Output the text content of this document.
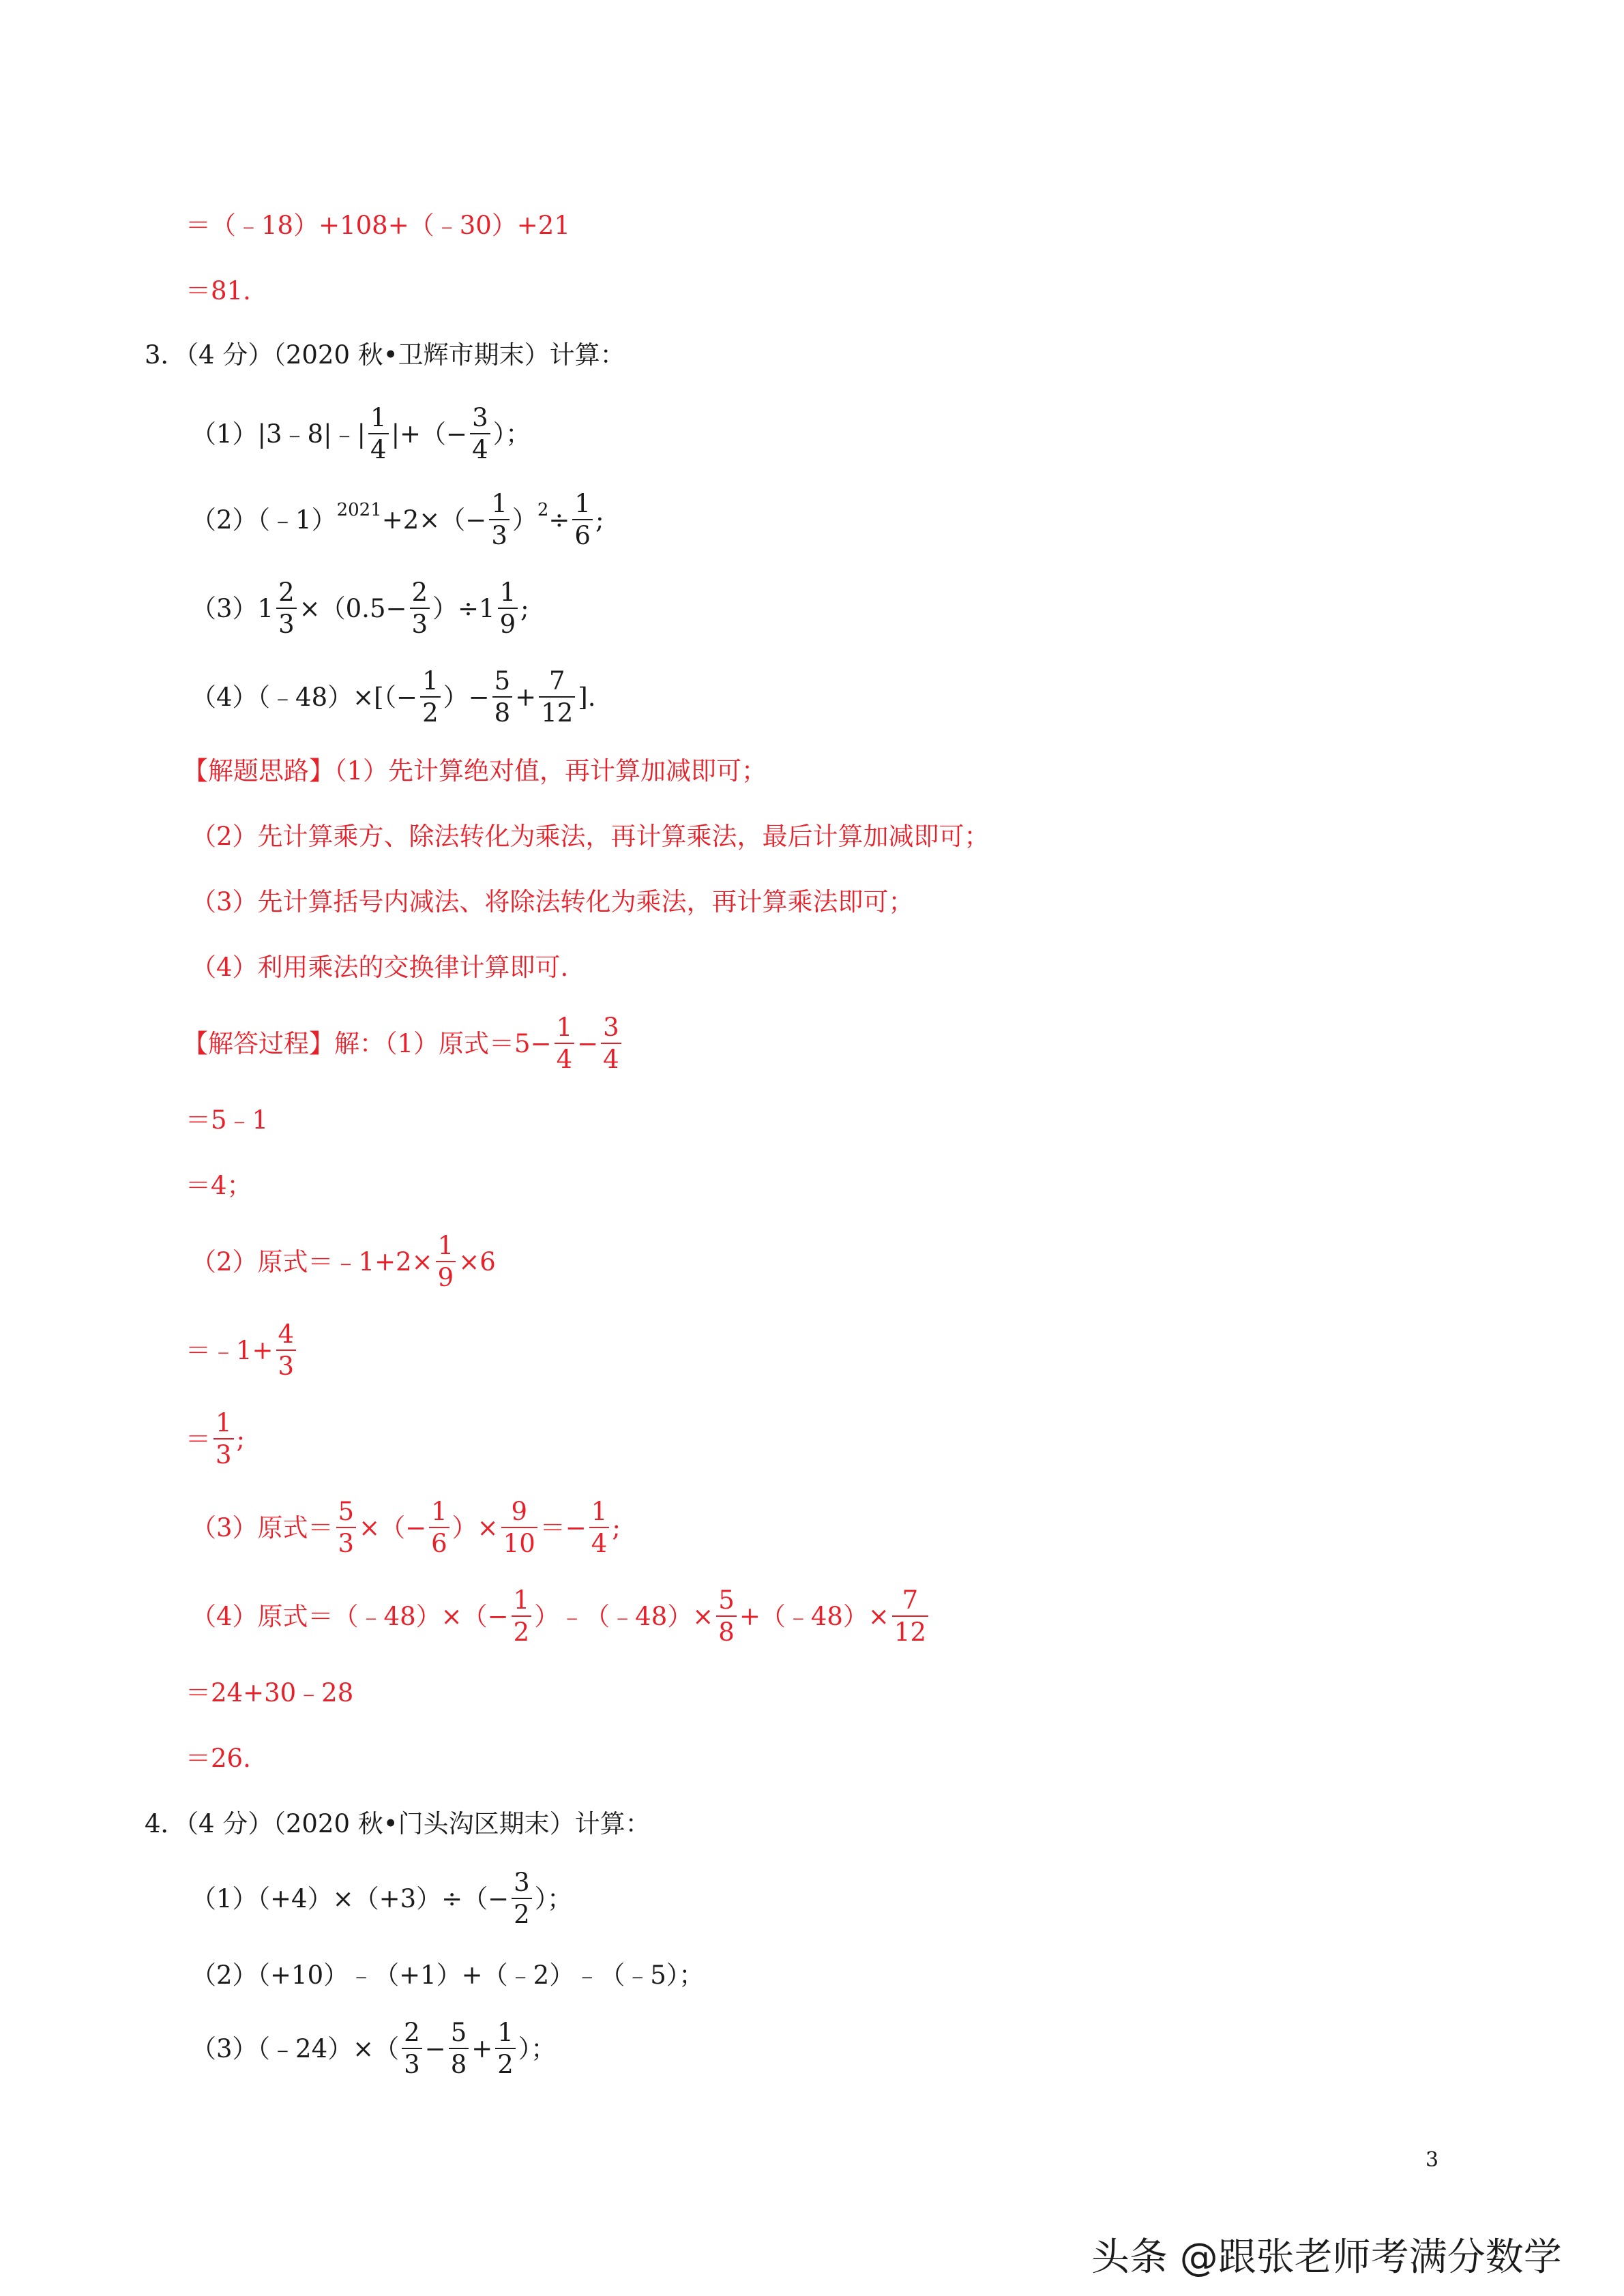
＝（﹣18）+108+（﹣30）+21
＝81.
3．（4 分）（2020 秋•卫辉市期末）计算：
（1）|3﹣8|﹣| $\frac{1}{4}$ |+（− $\frac{3}{4}$ ）；
（2）（﹣1） $2021 +2\times(- \frac{1}{3}$ ） $2 \div \frac{1}{6}$ ;
$(3)1 \frac{2}{3} \times(0.5- \frac{2}{3} )\div 1 \frac{1}{9}$ ;
（4）（﹣48）×[（− $\frac{1}{2}$ ）− $\frac{5}{8} + \frac{7}{12}$ ].
【解题思路】（1）先计算绝对值，再计算加减即可；
（2）先计算乘方、除法转化为乘法，再计算乘法，最后计算加减即可；
（3）先计算括号内减法、将除法转化为乘法，再计算乘法即可；
（4）利用乘法的交换律计算即可.
【解答过程】解：（1）原式$=5- \frac{1}{4} - \frac{3}{4}$
＝5﹣1
＝4；
（2）原式＝﹣1+2× $\frac{1}{9} \times 6$
＝﹣1+ $\frac{4}{3}$
＝ $\frac{1}{3}$ ;
（3）原式＝ $\frac{5}{3}$ ×（− $\frac{1}{6}$ ）× $\frac{9}{10} =- \frac{1}{4}$ ;
（4）原式＝（﹣48）×（− $\frac{1}{2}$ ）﹣（﹣48）× $\frac{5}{8}$ +（﹣48）× $\frac{7}{12}$
＝24+30﹣28
＝26.
4．（4 分）（2020 秋•门头沟区期末）计算：
$(1)(+4)\times(+3)\div(- \frac{3}{2}$ ）；
（2）（+10）﹣（+1）+（﹣2）﹣（﹣5）；
（3）（﹣24）×（ $\frac{2}{3} - \frac{5}{8} + \frac{1}{2}$ ）；
3
头条 @跟张老师考满分数学
